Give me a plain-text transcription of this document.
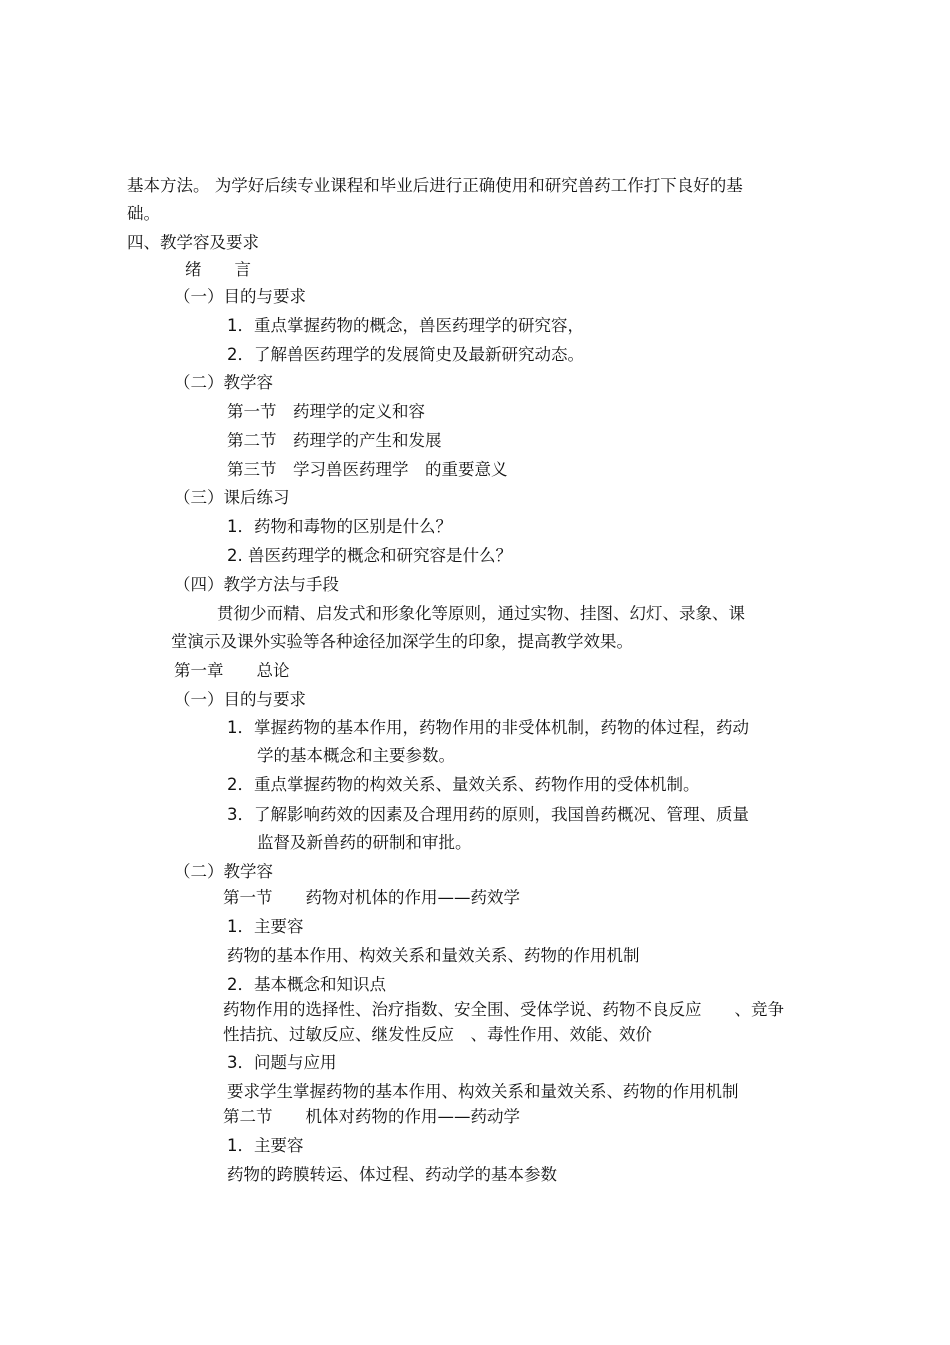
基本方法。 为学好后续专业课程和毕业后进行正确使用和研究兽药工作打下良好的基
础。
四、教学容及要求
绪　　言
（一）目的与要求
1．重点掌握药物的概念，兽医药理学的研究容，
2．了解兽医药理学的发展简史及最新研究动态。
（二）教学容
第一节　药理学的定义和容
第二节　药理学的产生和发展
第三节　学习兽医药理学　的重要意义
（三）课后练习
1．药物和毒物的区别是什么？
2. 兽医药理学的概念和研究容是什么？
（四）教学方法与手段
贯彻少而精、启发式和形象化等原则，通过实物、挂图、幻灯、录象、课
堂演示及课外实验等各种途径加深学生的印象，提高教学效果。
第一章　　总论
（一）目的与要求
1．掌握药物的基本作用，药物作用的非受体机制，药物的体过程，药动
学的基本概念和主要参数。
2．重点掌握药物的构效关系、量效关系、药物作用的受体机制。
3．了解影响药效的因素及合理用药的原则，我国兽药概况、管理、质量
监督及新兽药的研制和审批。
（二）教学容
第一节　　药物对机体的作用——药效学
1．主要容
药物的基本作用、构效关系和量效关系、药物的作用机制
2．基本概念和知识点
药物作用的选择性、治疗指数、安全围、受体学说、药物不良反应　　、竞争
性拮抗、过敏反应、继发性反应　、毒性作用、效能、效价
3．问题与应用
要求学生掌握药物的基本作用、构效关系和量效关系、药物的作用机制
第二节　　机体对药物的作用——药动学
1．主要容
药物的跨膜转运、体过程、药动学的基本参数
